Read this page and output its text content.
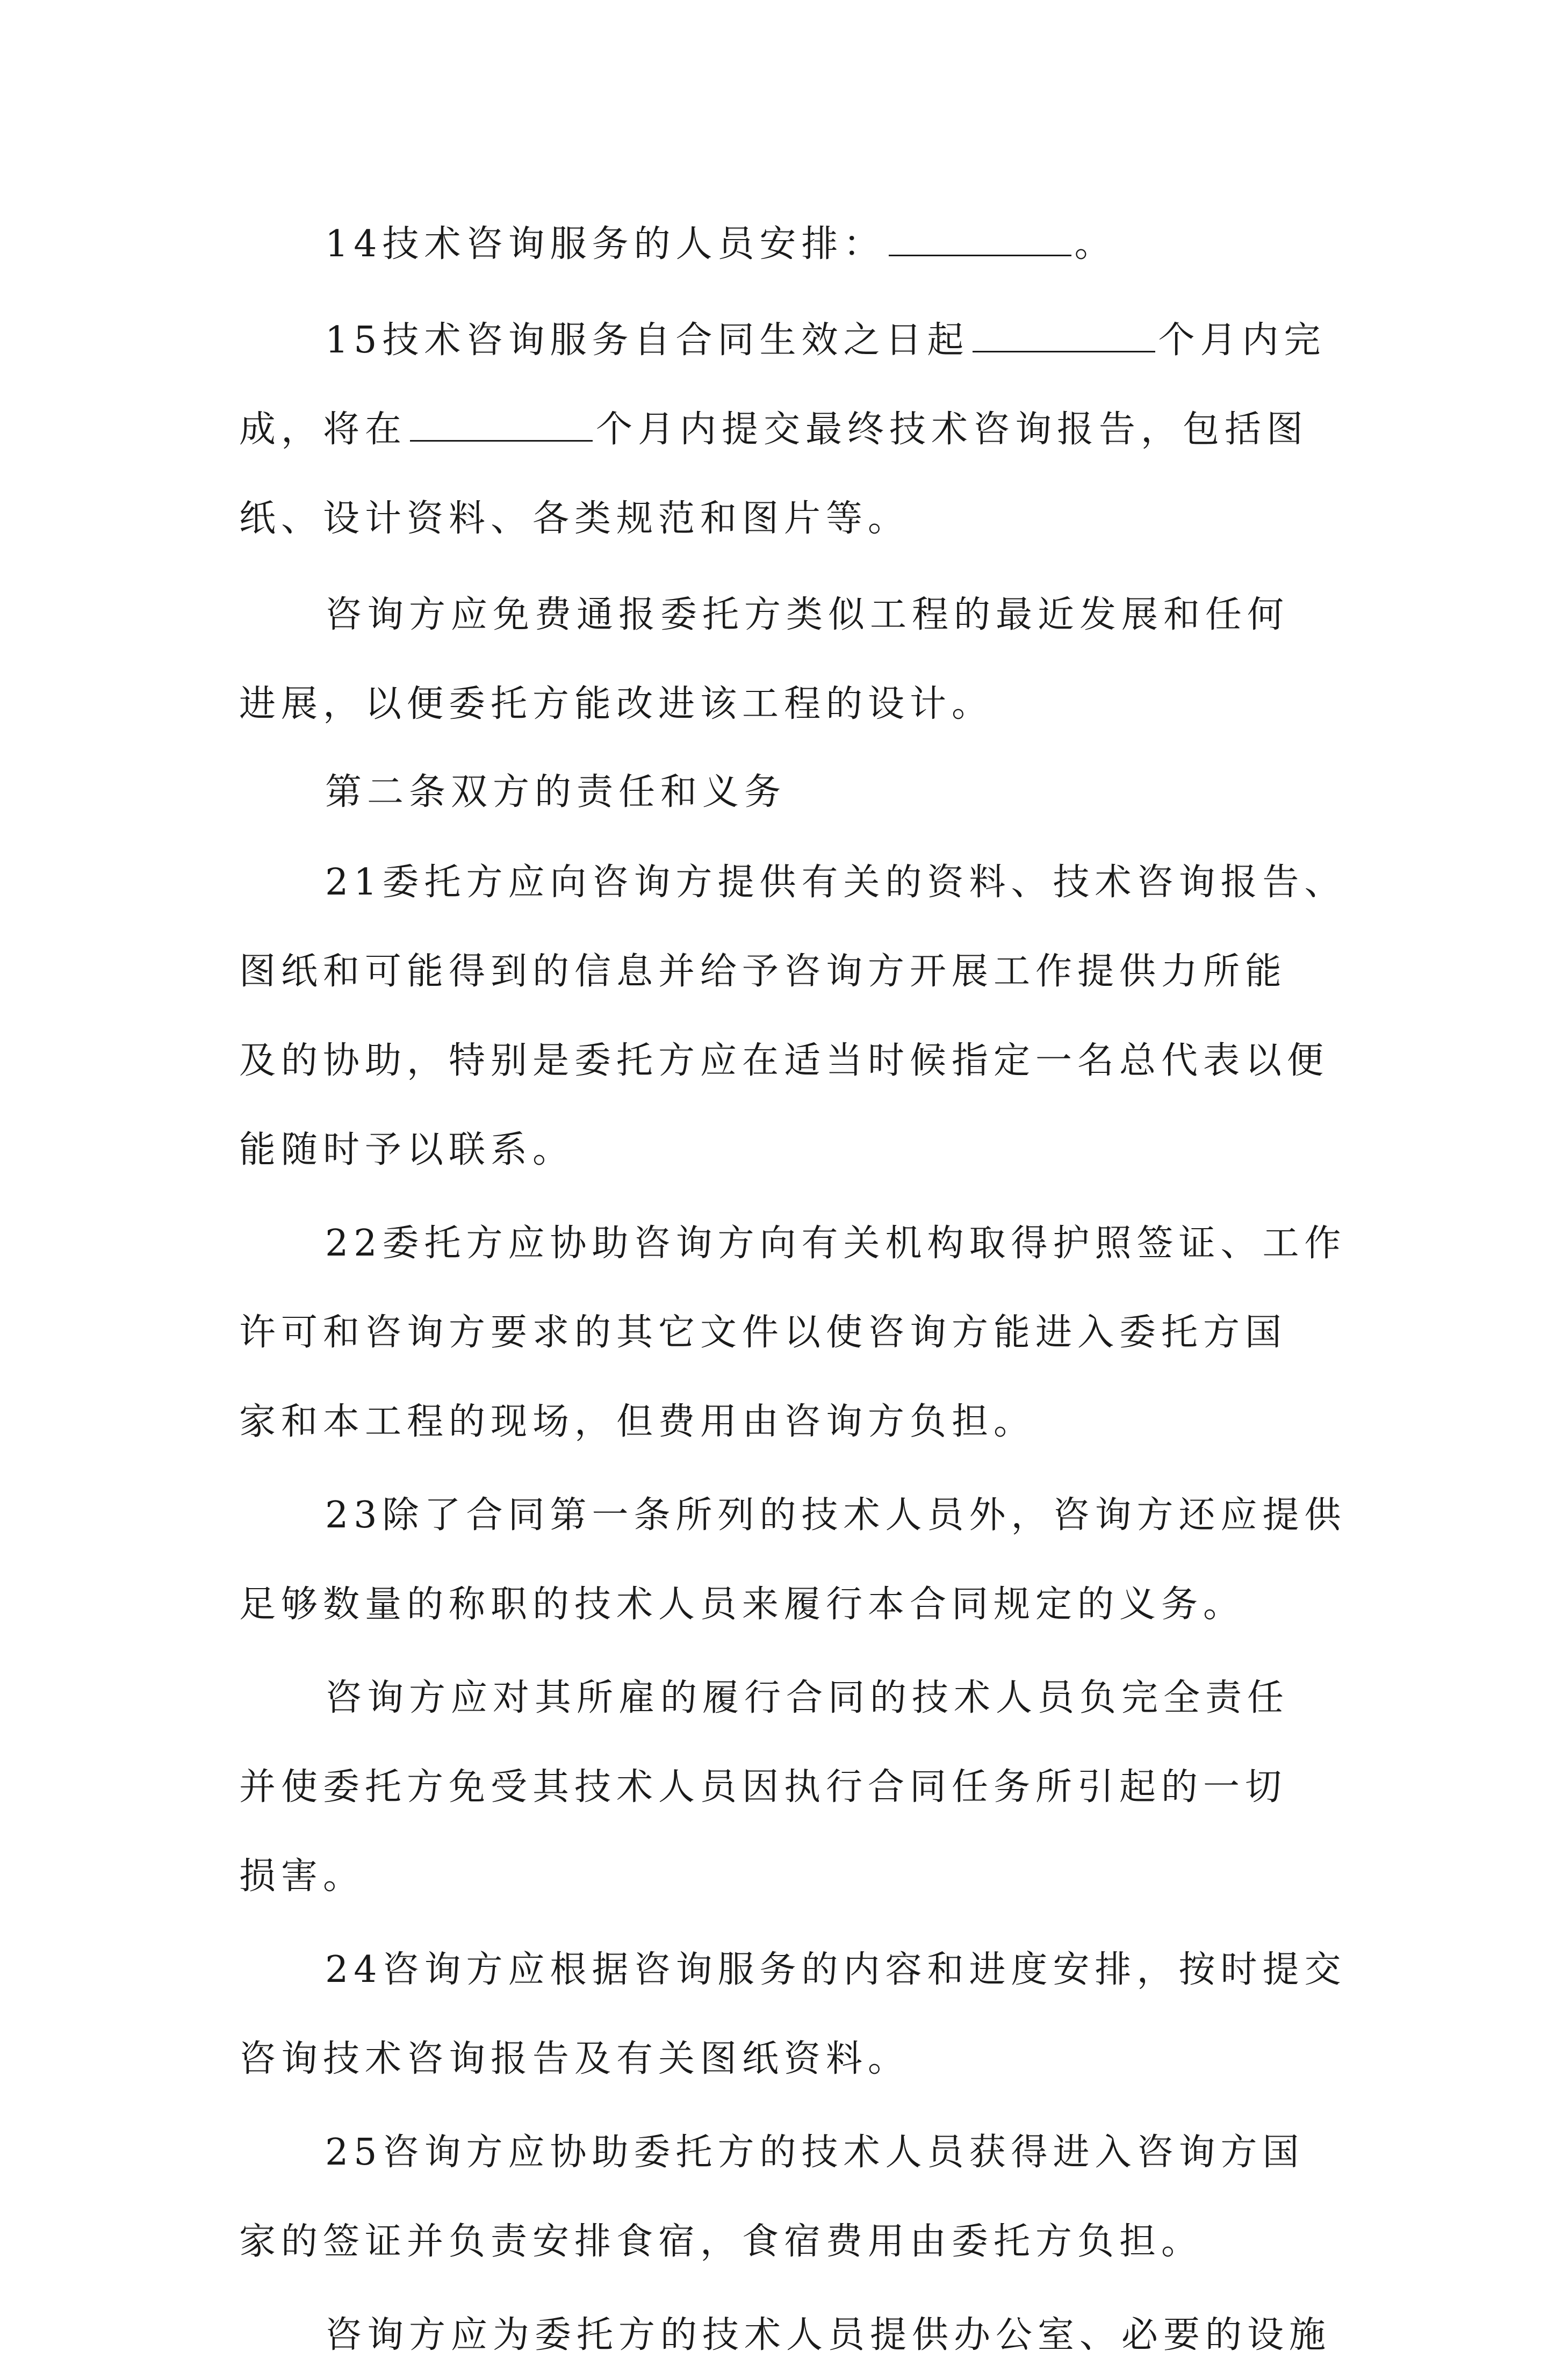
14技术咨询服务的人员安排：	。
15技术咨询服务自合同生效之日起	个月内完
成，将在	个月内提交最终技术咨询报告，包括图
纸、设计资料、各类规范和图片等。
咨询方应免费通报委托方类似工程的最近发展和任何
进展，以便委托方能改进该工程的设计。
第二条双方的责任和义务
21委托方应向咨询方提供有关的资料、技术咨询报告、
图纸和可能得到的信息并给予咨询方开展工作提供力所能
及的协助，特别是委托方应在适当时候指定一名总代表以便
能随时予以联系。
22委托方应协助咨询方向有关机构取得护照签证、工作
许可和咨询方要求的其它文件以使咨询方能进入委托方国
家和本工程的现场，但费用由咨询方负担。
23除了合同第一条所列的技术人员外，咨询方还应提供
足够数量的称职的技术人员来履行本合同规定的义务。
咨询方应对其所雇的履行合同的技术人员负完全责任
并使委托方免受其技术人员因执行合同任务所引起的一切
损害。
24咨询方应根据咨询服务的内容和进度安排，按时提交
咨询技术咨询报告及有关图纸资料。
25咨询方应协助委托方的技术人员获得进入咨询方国
家的签证并负责安排食宿，食宿费用由委托方负担。
咨询方应为委托方的技术人员提供办公室、必要的设施
